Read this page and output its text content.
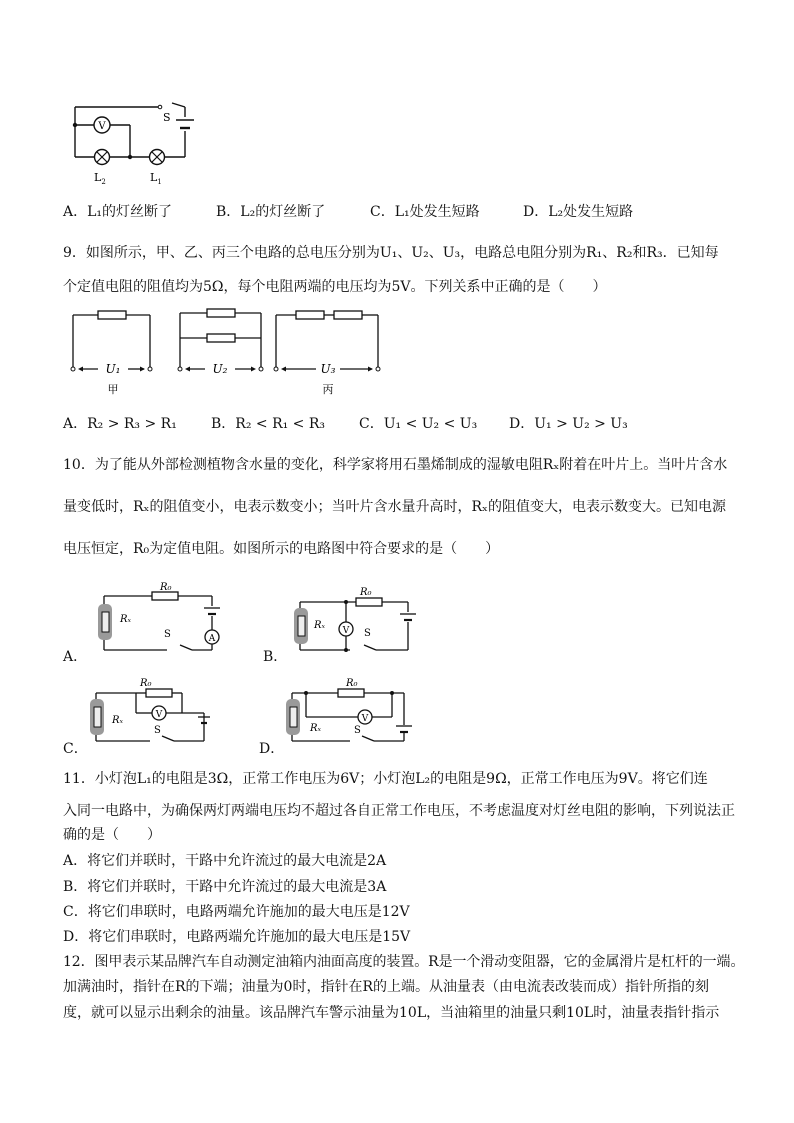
V
S
$L_2$	$L_1$
A．L₁的灯丝断了	B．L₂的灯丝断了	C．L₁处发生短路	D．L₂处发生短路
9．如图所示，甲、乙、丙三个电路的总电压分别为U₁、U₂、U₃，电路总电阻分别为R₁、R₂和R₃．已知每
个定值电阻的阻值均为5Ω，每个电阻两端的电压均为5V。下列关系中正确的是（　　）
U₁	U₂	U₃
甲	丙
A．R₂ > R₃ > R₁ B．R₂ < R₁ < R₃ C．U₁ < U₂ < U₃ D．U₁ > U₂ > U₃
10．为了能从外部检测植物含水量的变化，科学家将用石墨烯制成的湿敏电阻Rₓ附着在叶片上。当叶片含水
量变低时，Rₓ的阻值变小，电表示数变小；当叶片含水量升高时，Rₓ的阻值变大，电表示数变大。已知电源
电压恒定，R₀为定值电阻。如图所示的电路图中符合要求的是（　　）
A
Rₓ
R₀
S
A．
V
Rₓ
R₀
S
B．
V
Rₓ
R₀
S
C．
V
Rₓ
R₀
S
D．
11．小灯泡L₁的电阻是3Ω，正常工作电压为6V；小灯泡L₂的电阻是9Ω，正常工作电压为9V。将它们连
入同一电路中，为确保两灯两端电压均不超过各自正常工作电压，不考虑温度对灯丝电阻的影响，下列说法正
确的是（　　）
A．将它们并联时，干路中允许流过的最大电流是2A
B．将它们并联时，干路中允许流过的最大电流是3A
C．将它们串联时，电路两端允许施加的最大电压是12V
D．将它们串联时，电路两端允许施加的最大电压是15V
12．图甲表示某品牌汽车自动测定油箱内油面高度的装置。R是一个滑动变阻器，它的金属滑片是杠杆的一端。
加满油时，指针在R的下端；油量为0时，指针在R的上端。从油量表（由电流表改装而成）指针所指的刻
度，就可以显示出剩余的油量。该品牌汽车警示油量为10L，当油箱里的油量只剩10L时，油量表指针指示
